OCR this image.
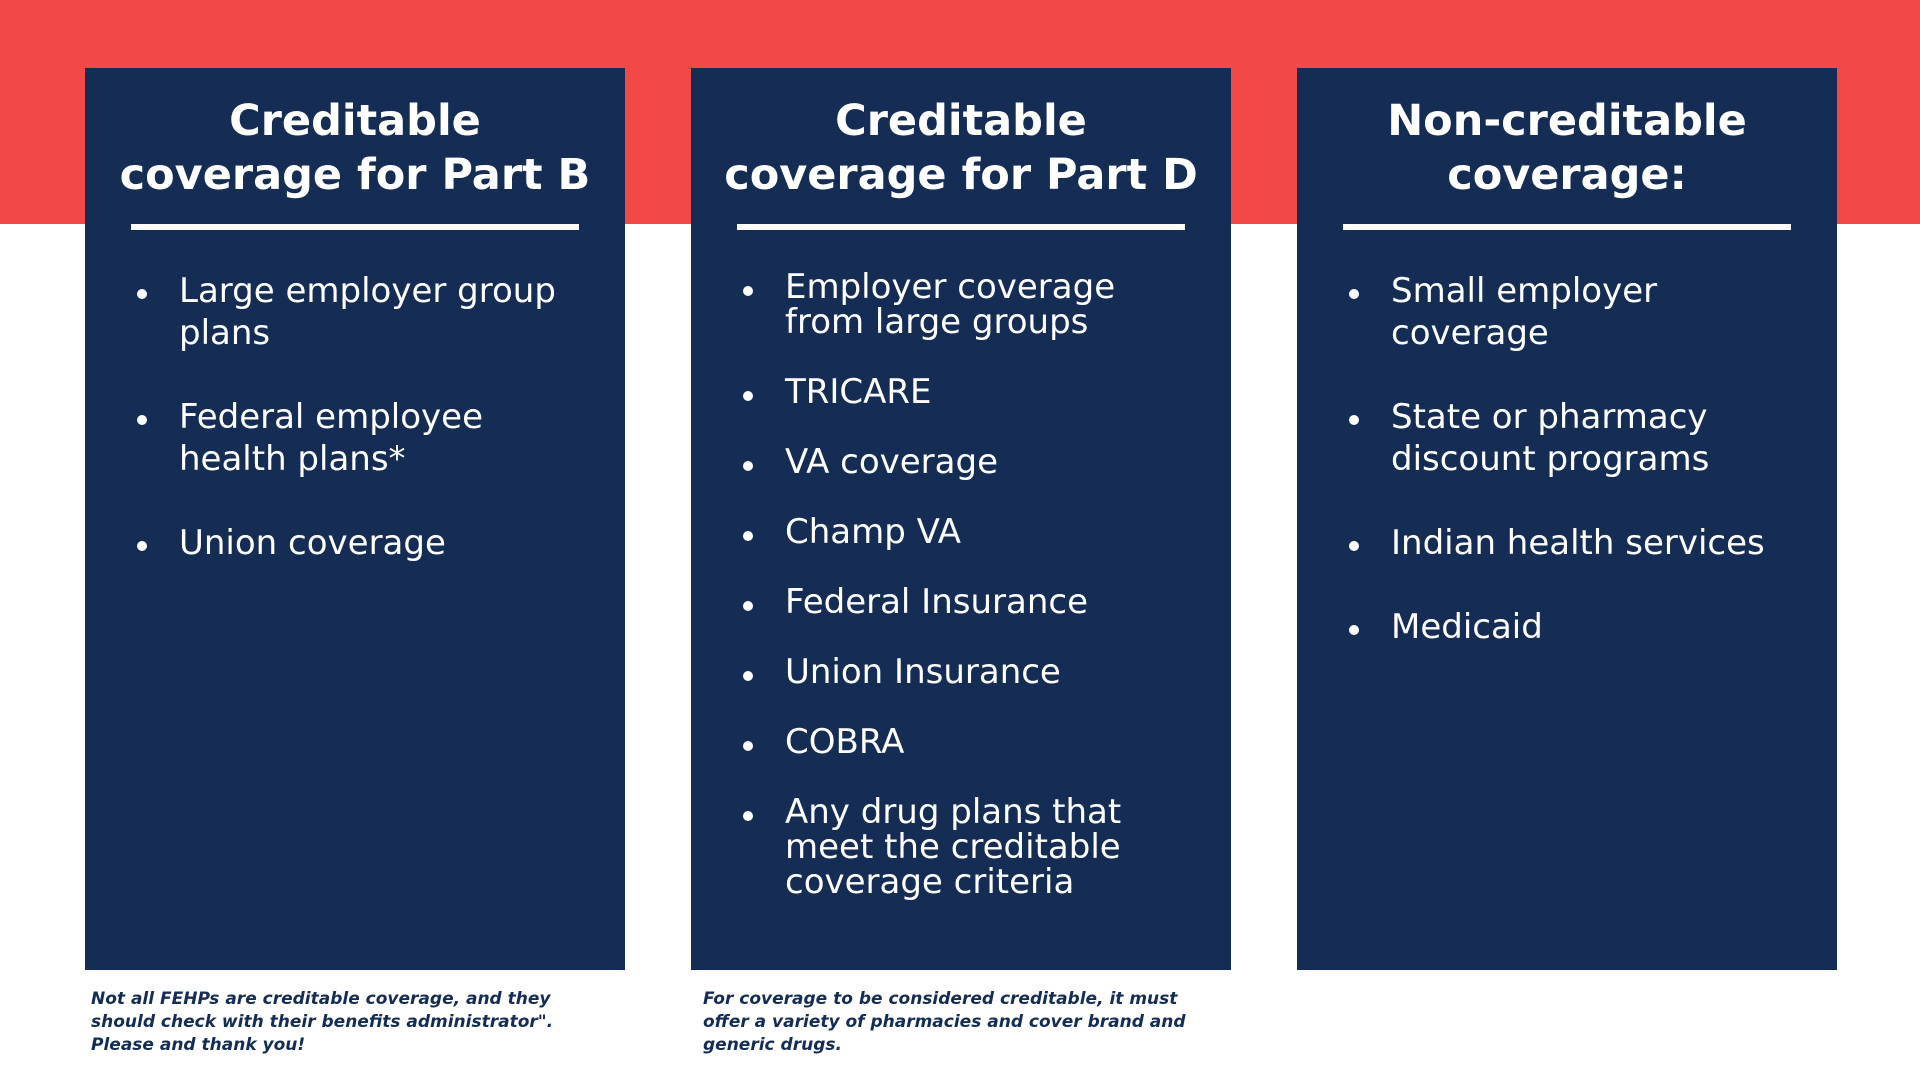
Creditable
coverage for Part B
Large employer group plans
Federal employee health plans*
Union coverage
Creditable
coverage for Part D
Employer coverage from large groups
TRICARE
VA coverage
Champ VA
Federal Insurance
Union Insurance
COBRA
Any drug plans that meet the creditable coverage criteria
Non-creditable
coverage:
Small employer coverage
State or pharmacy discount programs
Indian health services
Medicaid
Not all FEHPs are creditable coverage, and they should check with their benefits administrator". Please and thank you!
For coverage to be considered creditable, it must offer a variety of pharmacies and cover brand and generic drugs.
